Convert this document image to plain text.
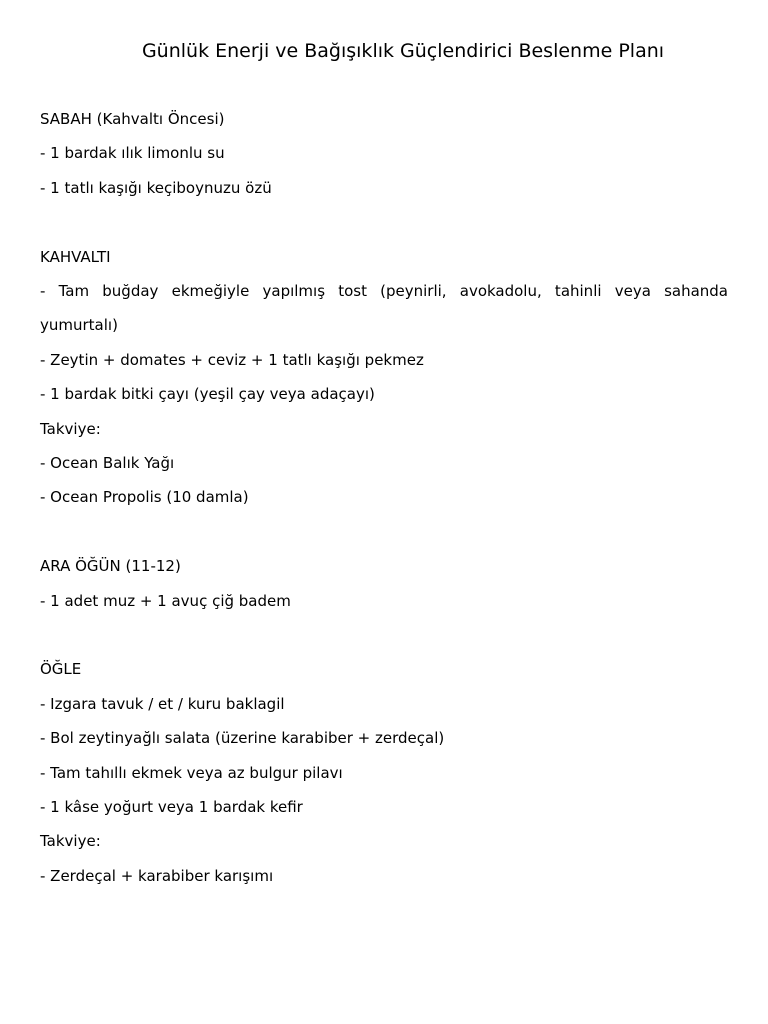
Günlük Enerji ve Bağışıklık Güçlendirici Beslenme Planı
SABAH (Kahvaltı Öncesi)
- 1 bardak ılık limonlu su
- 1 tatlı kaşığı keçiboynuzu özü
KAHVALTI
- Tam buğday ekmeğiyle yapılmış tost (peynirli, avokadolu, tahinli veya sahanda
yumurtalı)
- Zeytin + domates + ceviz + 1 tatlı kaşığı pekmez
- 1 bardak bitki çayı (yeşil çay veya adaçayı)
Takviye:
- Ocean Balık Yağı
- Ocean Propolis (10 damla)
ARA ÖĞÜN (11-12)
- 1 adet muz + 1 avuç çiğ badem
ÖĞLE
- Izgara tavuk / et / kuru baklagil
- Bol zeytinyağlı salata (üzerine karabiber + zerdeçal)
- Tam tahıllı ekmek veya az bulgur pilavı
- 1 kâse yoğurt veya 1 bardak kefir
Takviye:
- Zerdeçal + karabiber karışımı
